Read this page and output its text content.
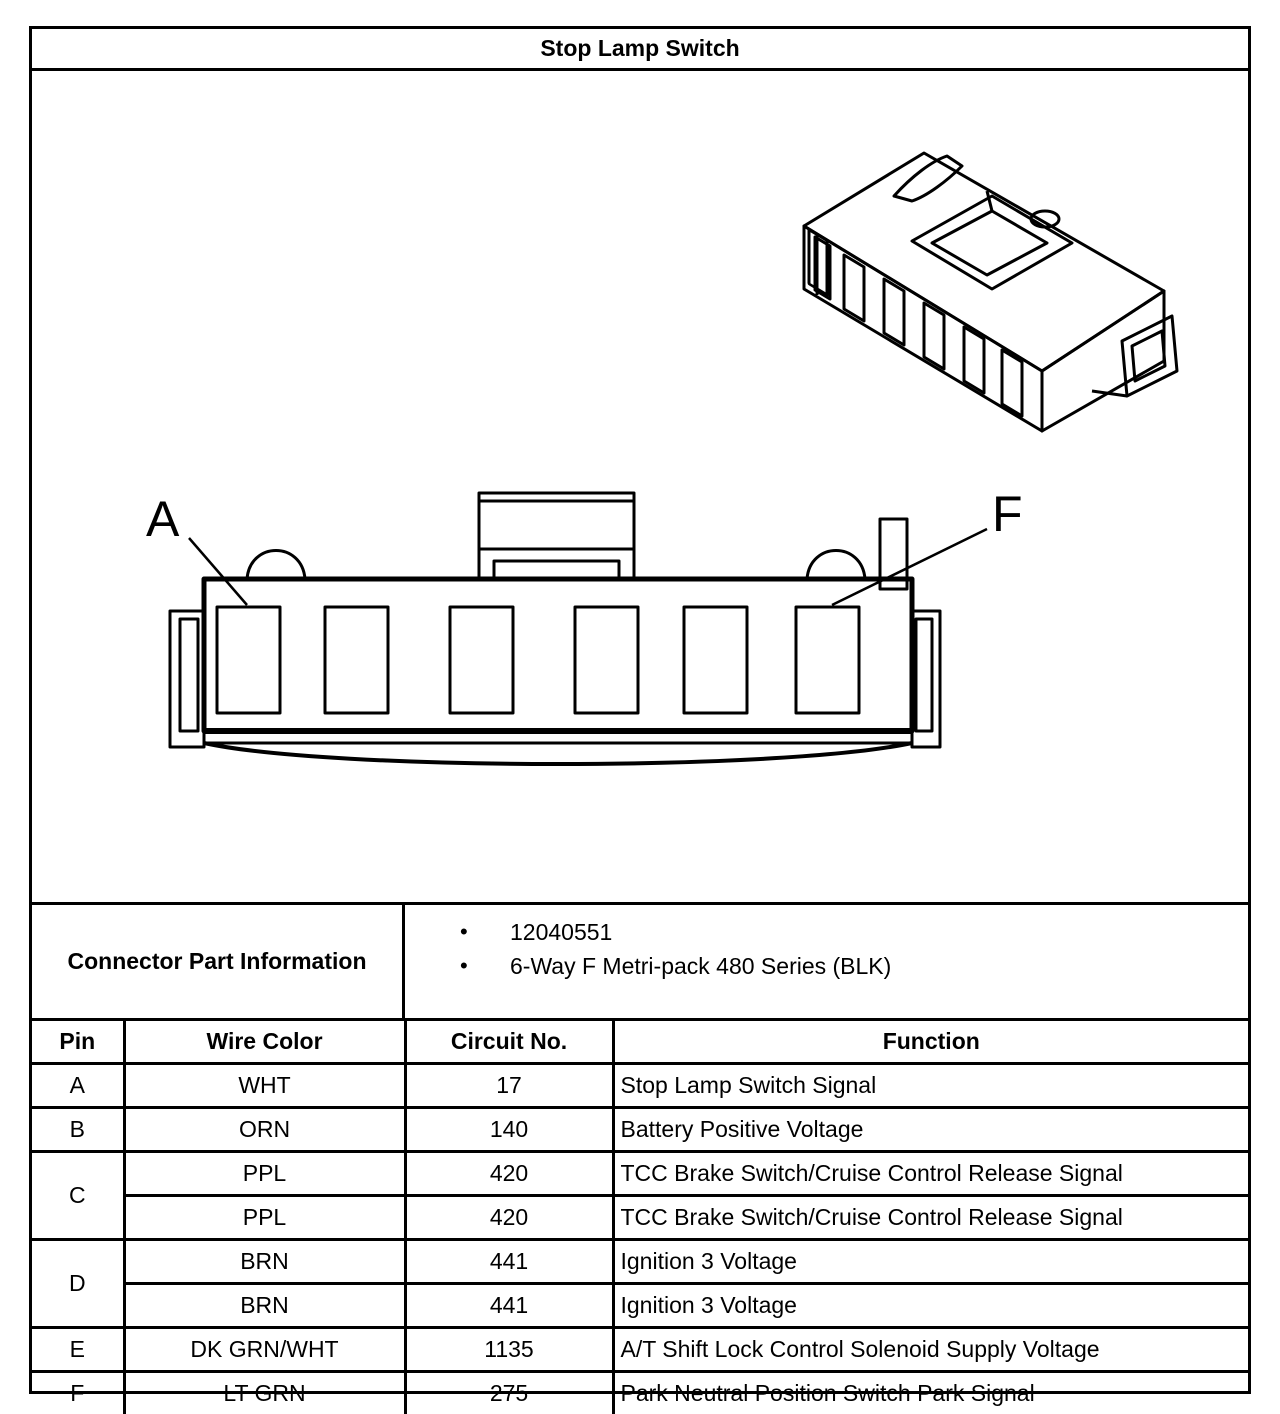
Stop Lamp Switch
A	F
Connector Part Information
• 12040551
• 6-Way F Metri-pack 480 Series (BLK)
Pin	Wire Color	Circuit No.	Function
A	WHT	17	Stop Lamp Switch Signal
B	ORN	140	Battery Positive Voltage
C	PPL	420	TCC Brake Switch/Cruise Control Release Signal
	PPL	420	TCC Brake Switch/Cruise Control Release Signal
D	BRN	441	Ignition 3 Voltage
	BRN	441	Ignition 3 Voltage
E	DK GRN/WHT	1135	A/T Shift Lock Control Solenoid Supply Voltage
F	LT GRN	275	Park Neutral Position Switch Park Signal
